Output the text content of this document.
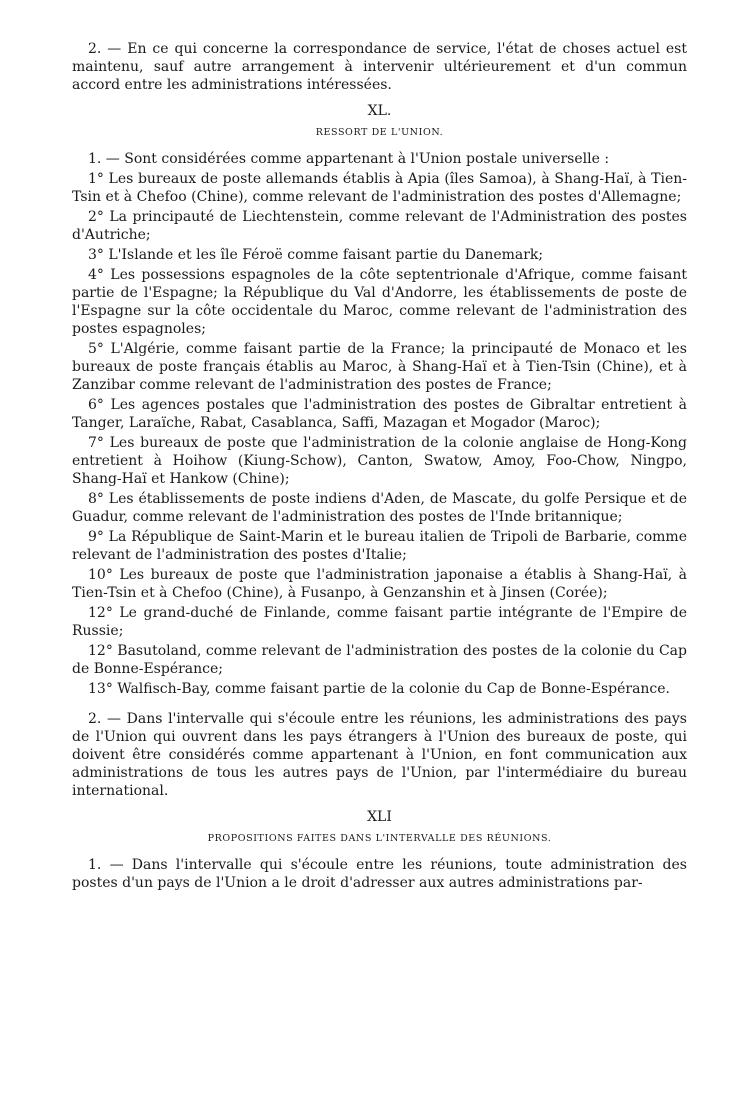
2. — En ce qui concerne la correspondance de service, l'état de choses actuel est maintenu, sauf autre arrangement à intervenir ultérieurement et d'un commun accord entre les administrations intéressées.

XL.

RESSORT DE L'UNION.

1. — Sont considérées comme appartenant à l'Union postale universelle :

1° Les bureaux de poste allemands établis à Apia (îles Samoa), à Shang-Haï, à Tien-Tsin et à Chefoo (Chine), comme relevant de l'administration des postes d'Allemagne;

2° La principauté de Liechtenstein, comme relevant de l'Administration des postes d'Autriche;

3° L'Islande et les île Féroë comme faisant partie du Danemark;

4° Les possessions espagnoles de la côte septentrionale d'Afrique, comme faisant partie de l'Espagne; la République du Val d'Andorre, les établissements de poste de l'Espagne sur la côte occidentale du Maroc, comme relevant de l'administration des postes espagnoles;

5° L'Algérie, comme faisant partie de la France; la principauté de Monaco et les bureaux de poste français établis au Maroc, à Shang-Haï et à Tien-Tsin (Chine), et à Zanzibar comme relevant de l'administration des postes de France;

6° Les agences postales que l'administration des postes de Gibraltar entretient à Tanger, Laraïche, Rabat, Casablanca, Saffi, Mazagan et Mogador (Maroc);

7° Les bureaux de poste que l'administration de la colonie anglaise de Hong-Kong entretient à Hoihow (Kiung-Schow), Canton, Swatow, Amoy, Foo-Chow, Ningpo, Shang-Haï et Hankow (Chine);

8° Les établissements de poste indiens d'Aden, de Mascate, du golfe Persique et de Guadur, comme relevant de l'administration des postes de l'Inde britannique;

9° La République de Saint-Marin et le bureau italien de Tripoli de Barbarie, comme relevant de l'administration des postes d'Italie;

10° Les bureaux de poste que l'administration japonaise a établis à Shang-Haï, à Tien-Tsin et à Chefoo (Chine), à Fusanpo, à Genzanshin et à Jinsen (Corée);

12° Le grand-duché de Finlande, comme faisant partie intégrante de l'Empire de Russie;

12° Basutoland, comme relevant de l'administration des postes de la colonie du Cap de Bonne-Espérance;

13° Walfisch-Bay, comme faisant partie de la colonie du Cap de Bonne-Espérance.

2. — Dans l'intervalle qui s'écoule entre les réunions, les administrations des pays de l'Union qui ouvrent dans les pays étrangers à l'Union des bureaux de poste, qui doivent être considérés comme appartenant à l'Union, en font communication aux administrations de tous les autres pays de l'Union, par l'intermédiaire du bureau international.

XLI

PROPOSITIONS FAITES DANS L'INTERVALLE DES RÉUNIONS.

1. — Dans l'intervalle qui s'écoule entre les réunions, toute administration des postes d'un pays de l'Union a le droit d'adresser aux autres administrations par-
